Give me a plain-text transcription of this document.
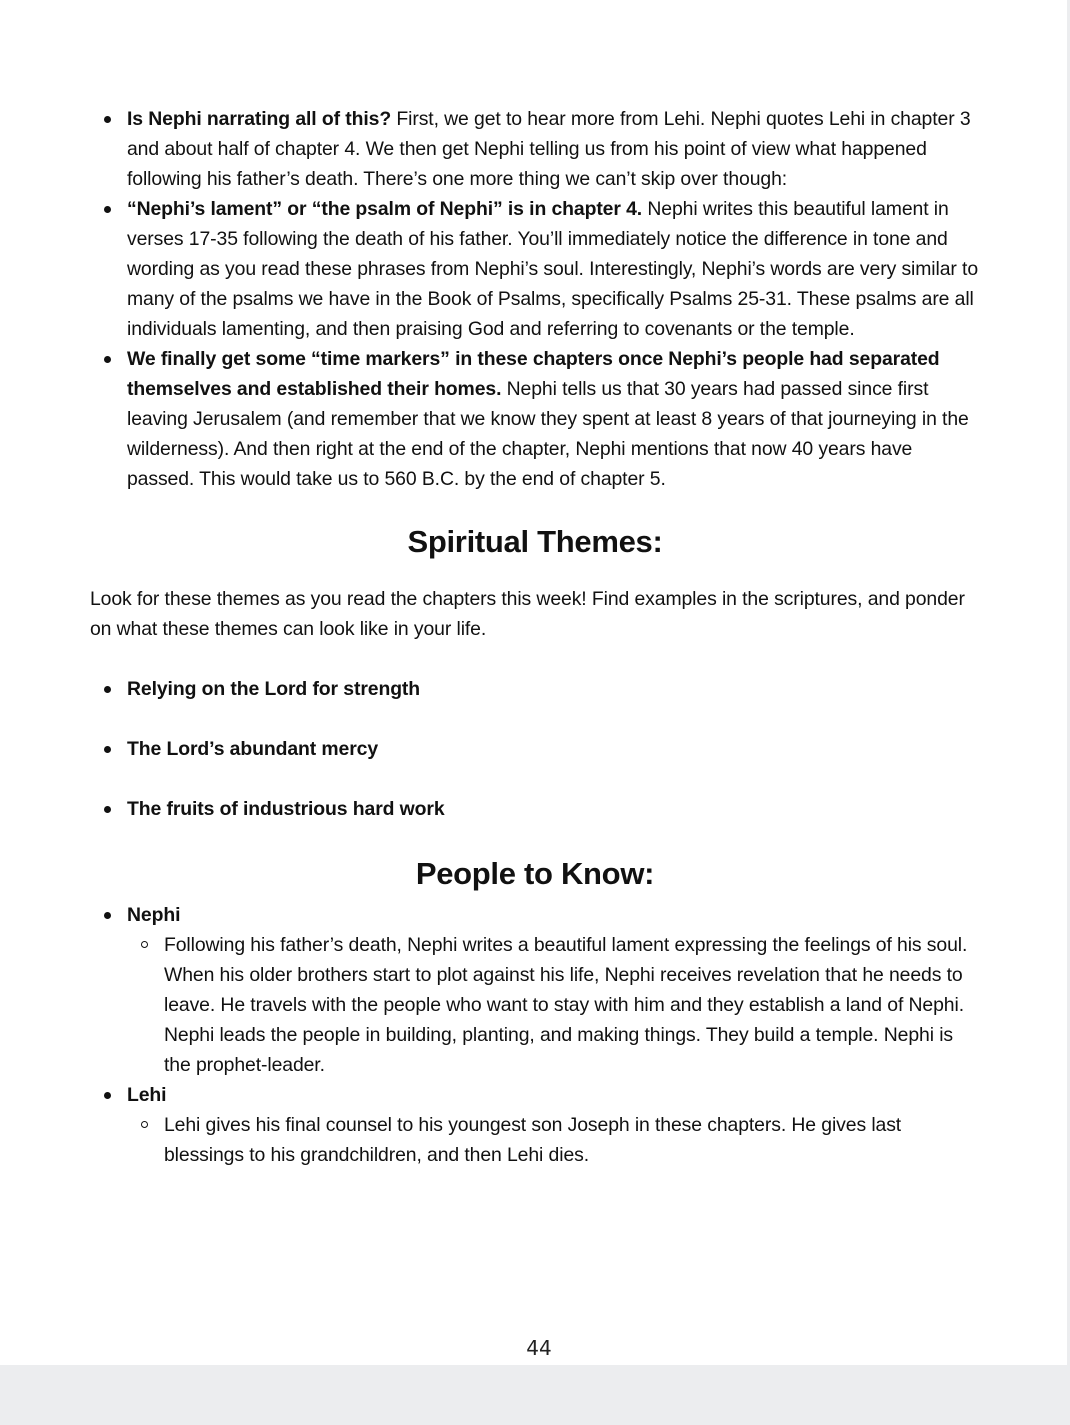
Is Nephi narrating all of this? First, we get to hear more from Lehi. Nephi quotes Lehi in chapter 3 and about half of chapter 4. We then get Nephi telling us from his point of view what happened following his father’s death. There’s one more thing we can’t skip over though:
“Nephi’s lament” or “the psalm of Nephi” is in chapter 4. Nephi writes this beautiful lament in verses 17-35 following the death of his father. You’ll immediately notice the difference in tone and wording as you read these phrases from Nephi’s soul. Interestingly, Nephi’s words are very similar to many of the psalms we have in the Book of Psalms, specifically Psalms 25-31. These psalms are all individuals lamenting, and then praising God and referring to covenants or the temple.
We finally get some “time markers” in these chapters once Nephi’s people had separated themselves and established their homes. Nephi tells us that 30 years had passed since first leaving Jerusalem (and remember that we know they spent at least 8 years of that journeying in the wilderness). And then right at the end of the chapter, Nephi mentions that now 40 years have passed. This would take us to 560 B.C. by the end of chapter 5.
Spiritual Themes:

Look for these themes as you read the chapters this week! Find examples in the scriptures, and ponder on what these themes can look like in your life.

Relying on the Lord for strength
The Lord’s abundant mercy
The fruits of industrious hard work
People to Know:
Nephi
Following his father’s death, Nephi writes a beautiful lament expressing the feelings of his soul. When his older brothers start to plot against his life, Nephi receives revelation that he needs to leave. He travels with the people who want to stay with him and they establish a land of Nephi. Nephi leads the people in building, planting, and making things. They build a temple. Nephi is the prophet-leader.
Lehi
Lehi gives his final counsel to his youngest son Joseph in these chapters. He gives last blessings to his grandchildren, and then Lehi dies.
44
